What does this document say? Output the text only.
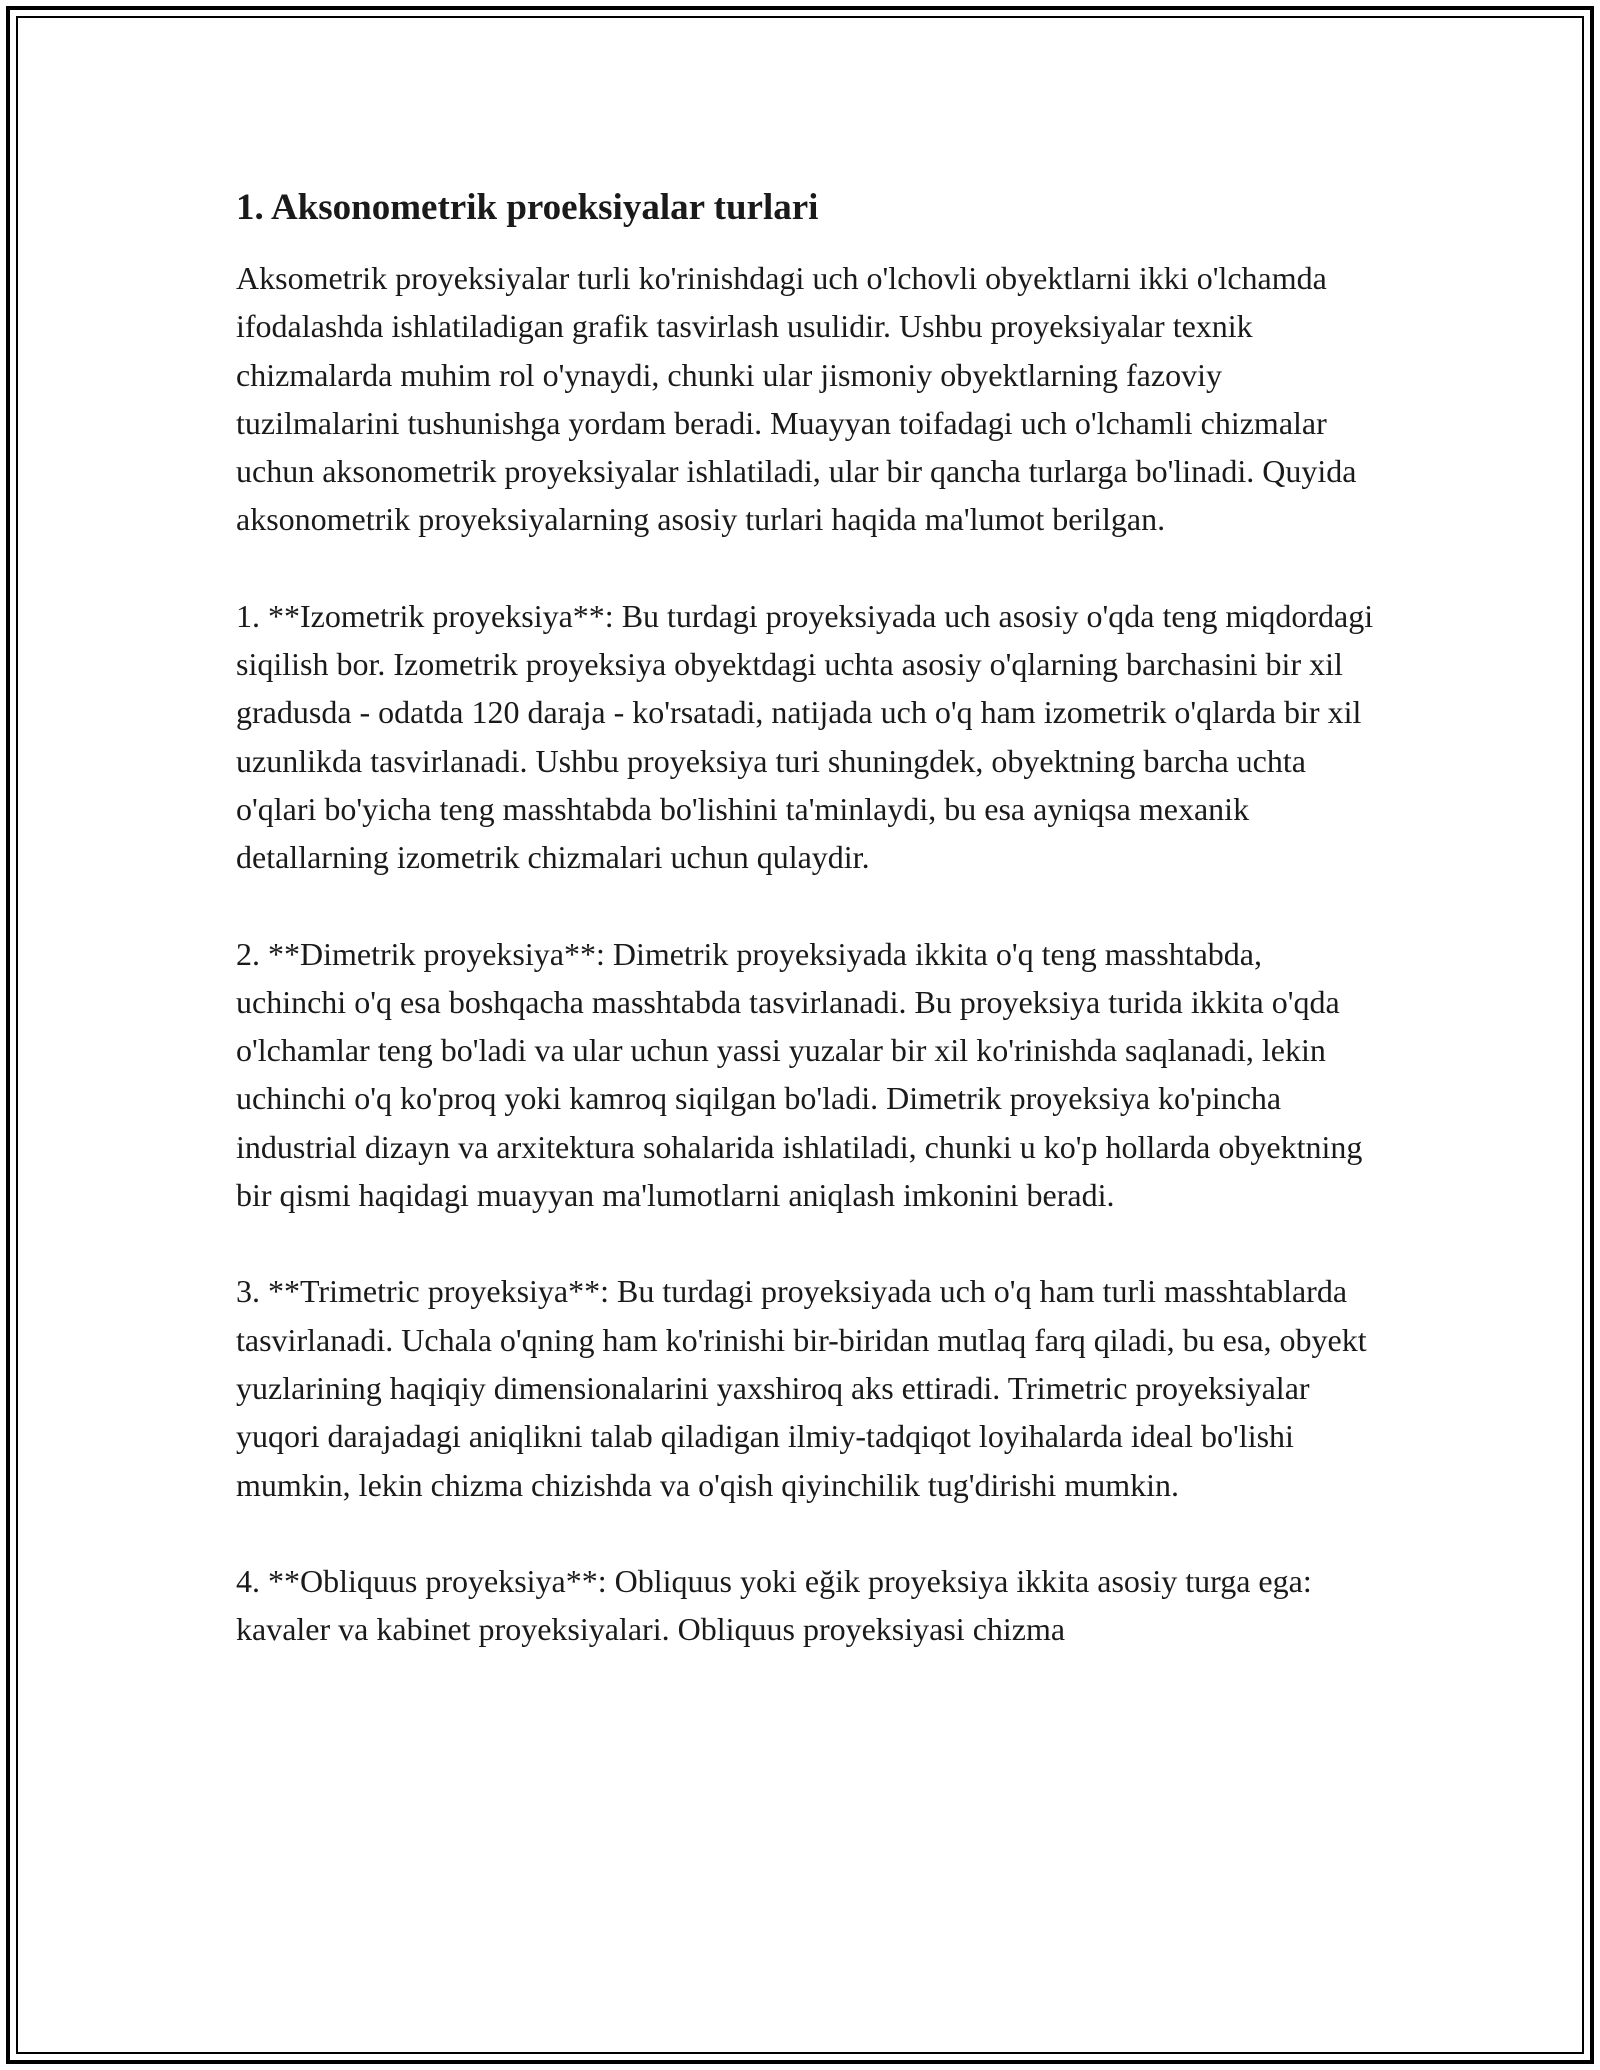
1. Aksonometrik proeksiyalar turlari

Aksometrik proyeksiyalar turli ko'rinishdagi uch o'lchovli obyektlarni ikki o'lchamda ifodalashda ishlatiladigan grafik tasvirlash usulidir. Ushbu proyeksiyalar texnik chizmalarda muhim rol o'ynaydi, chunki ular jismoniy obyektlarning fazoviy tuzilmalarini tushunishga yordam beradi. Muayyan toifadagi uch o'lchamli chizmalar uchun aksonometrik proyeksiyalar ishlatiladi, ular bir qancha turlarga bo'linadi. Quyida aksonometrik proyeksiyalarning asosiy turlari haqida ma'lumot berilgan.

1. **Izometrik proyeksiya**: Bu turdagi proyeksiyada uch asosiy o'qda teng miqdordagi siqilish bor. Izometrik proyeksiya obyektdagi uchta asosiy o'qlarning barchasini bir xil gradusda - odatda 120 daraja - ko'rsatadi, natijada uch o'q ham izometrik o'qlarda bir xil uzunlikda tasvirlanadi. Ushbu proyeksiya turi shuningdek, obyektning barcha uchta o'qlari bo'yicha teng masshtabda bo'lishini ta'minlaydi, bu esa ayniqsa mexanik detallarning izometrik chizmalari uchun qulaydir.

2. **Dimetrik proyeksiya**: Dimetrik proyeksiyada ikkita o'q teng masshtabda, uchinchi o'q esa boshqacha masshtabda tasvirlanadi. Bu proyeksiya turida ikkita o'qda o'lchamlar teng bo'ladi va ular uchun yassi yuzalar bir xil ko'rinishda saqlanadi, lekin uchinchi o'q ko'proq yoki kamroq siqilgan bo'ladi. Dimetrik proyeksiya ko'pincha industrial dizayn va arxitektura sohalarida ishlatiladi, chunki u ko'p hollarda obyektning bir qismi haqidagi muayyan ma'lumotlarni aniqlash imkonini beradi.

3. **Trimetric proyeksiya**: Bu turdagi proyeksiyada uch o'q ham turli masshtablarda tasvirlanadi. Uchala o'qning ham ko'rinishi bir-biridan mutlaq farq qiladi, bu esa, obyekt yuzlarining haqiqiy dimensionalarini yaxshiroq aks ettiradi. Trimetric proyeksiyalar yuqori darajadagi aniqlikni talab qiladigan ilmiy-tadqiqot loyihalarda ideal bo'lishi mumkin, lekin chizma chizishda va o'qish qiyinchilik tug'dirishi mumkin.

4. **Obliquus proyeksiya**: Obliquus yoki eğik proyeksiya ikkita asosiy turga ega: kavaler va kabinet proyeksiyalari. Obliquus proyeksiyasi chizma
